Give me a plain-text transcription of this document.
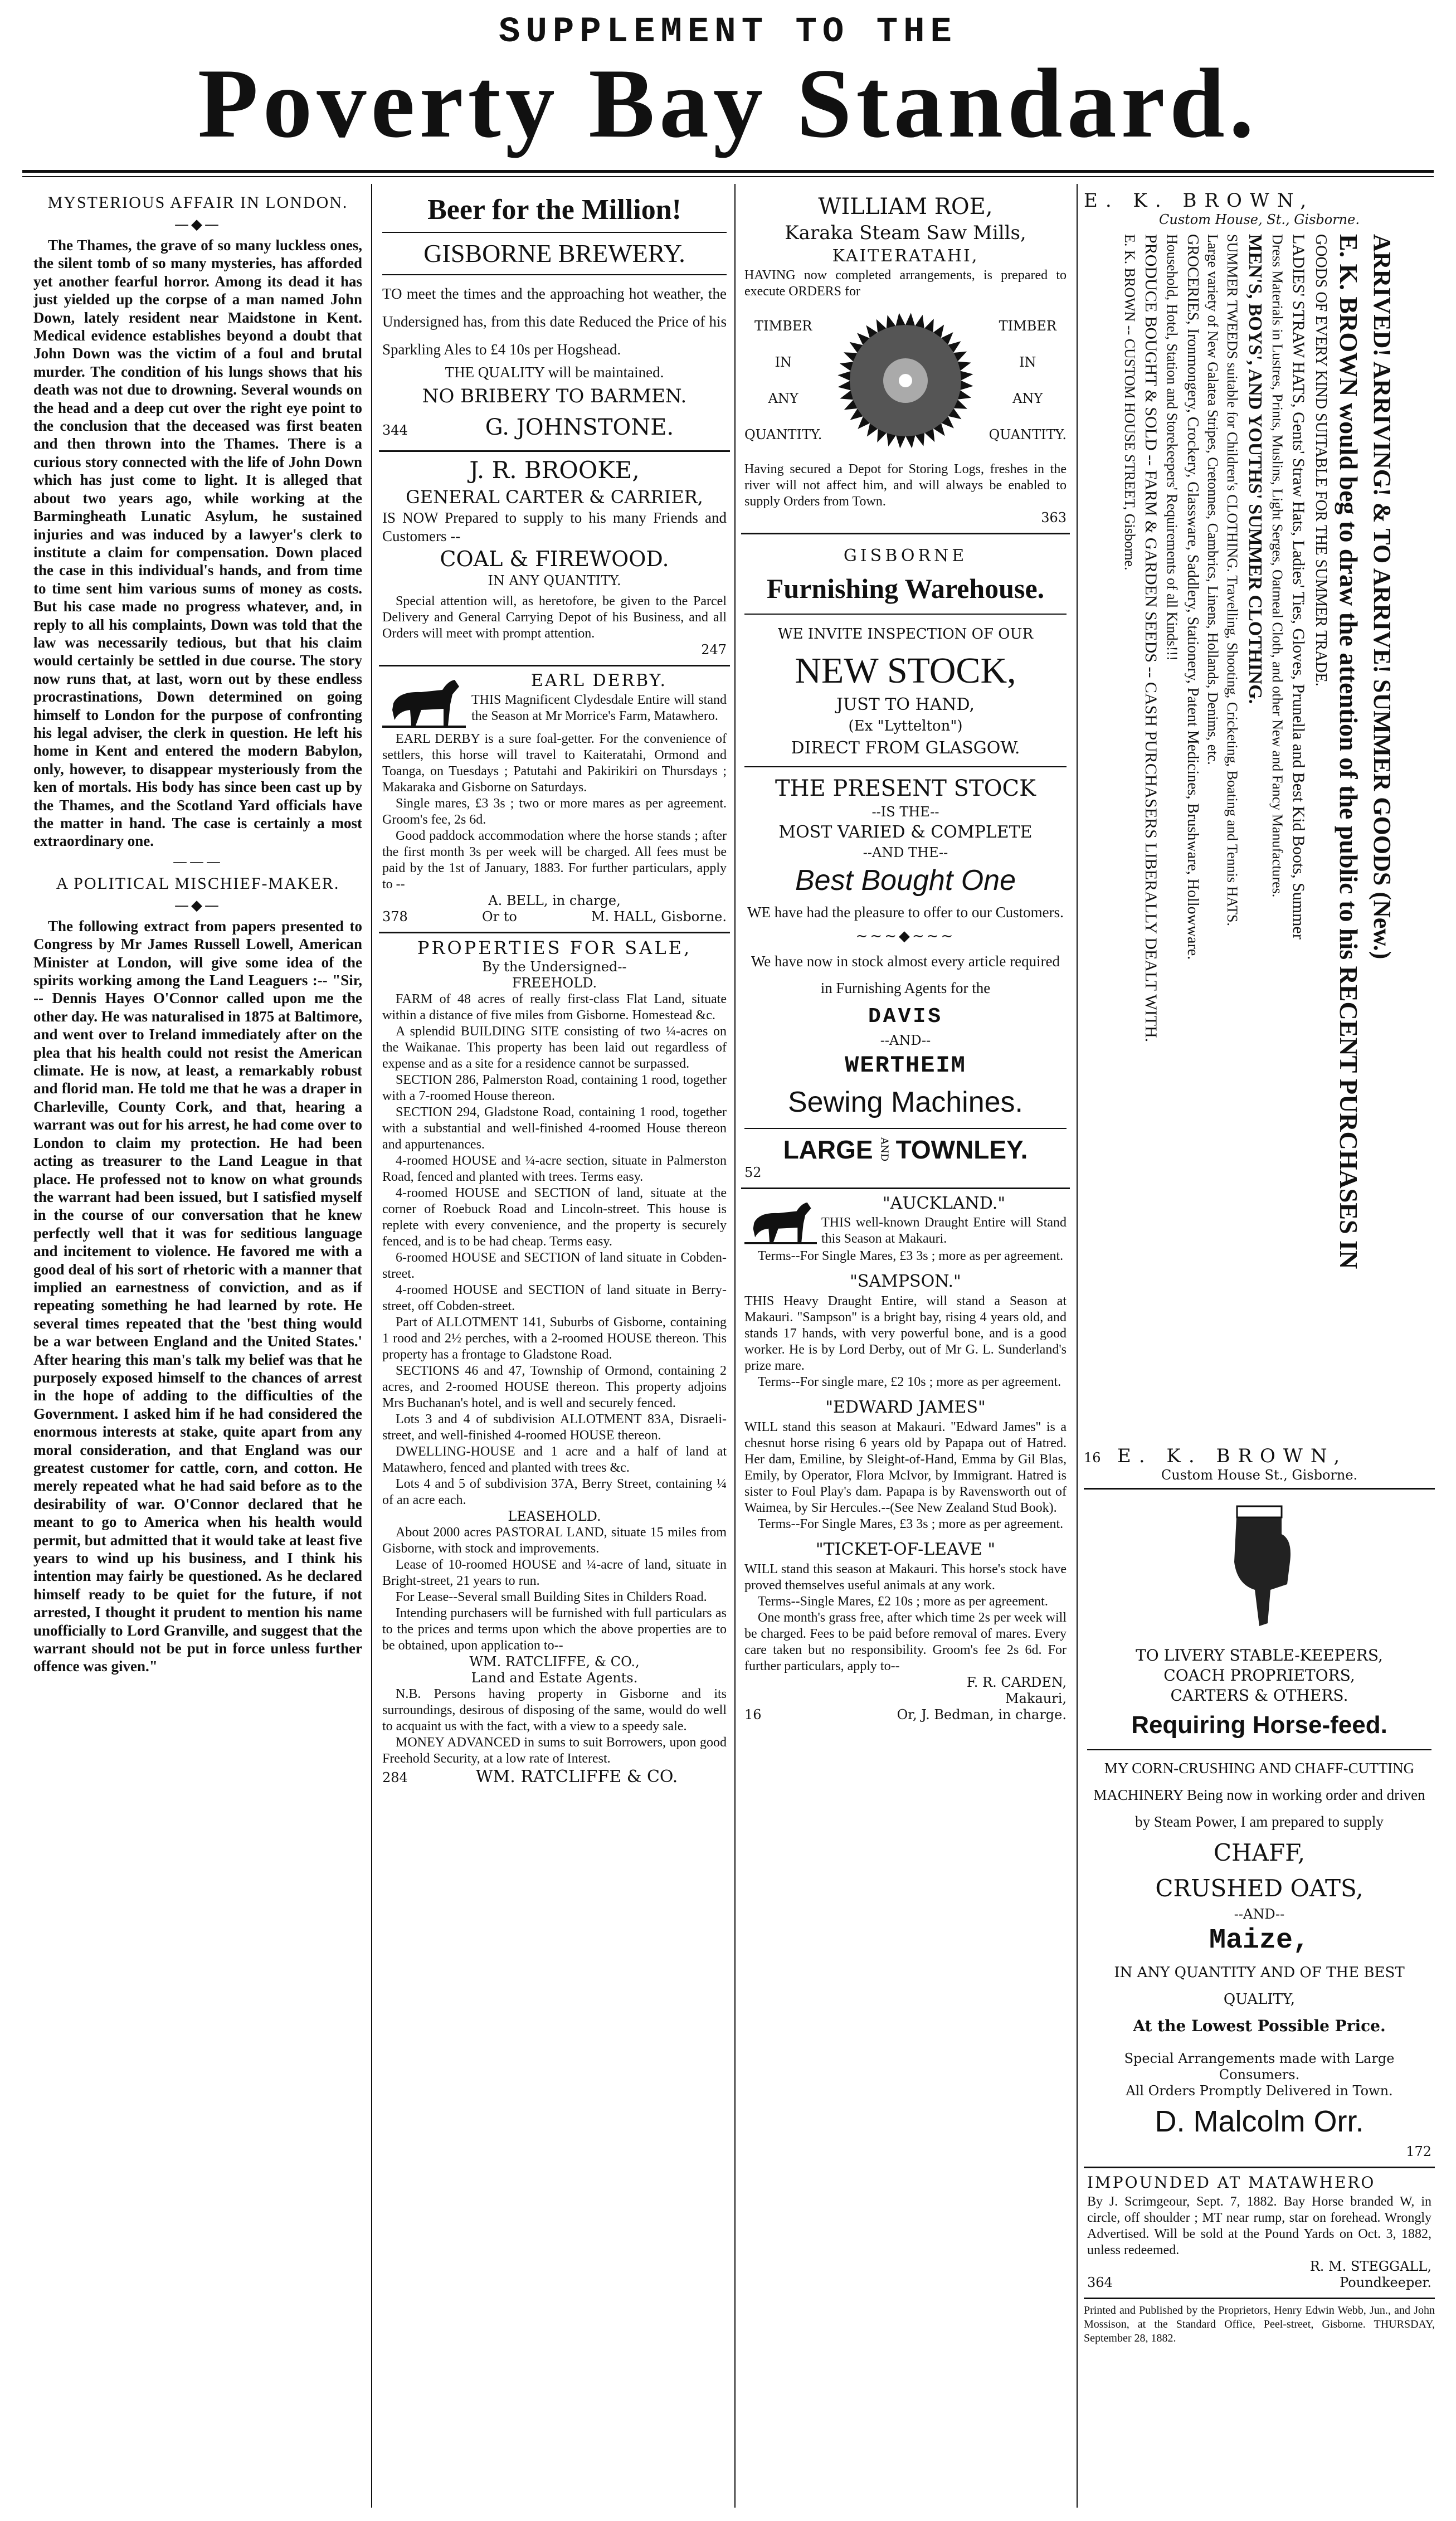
SUPPLEMENT TO THE
Poverty Bay Standard.
MYSTERIOUS AFFAIR IN LONDON.
—◆—

The Thames, the grave of so many luckless ones, the silent tomb of so many mysteries, has afforded yet another fearful horror. Among its dead it has just yielded up the corpse of a man named John Down, lately resident near Maidstone in Kent. Medical evidence establishes beyond a doubt that John Down was the victim of a foul and brutal murder. The condition of his lungs shows that his death was not due to drowning. Several wounds on the head and a deep cut over the right eye point to the conclusion that the deceased was first beaten and then thrown into the Thames. There is a curious story connected with the life of John Down which has just come to light. It is alleged that about two years ago, while working at the Barmingheath Lunatic Asylum, he sustained injuries and was induced by a lawyer's clerk to institute a claim for compensation. Down placed the case in this individual's hands, and from time to time sent him various sums of money as costs. But his case made no progress whatever, and, in reply to all his complaints, Down was told that the law was necessarily tedious, but that his claim would certainly be settled in due course. The story now runs that, at last, worn out by these endless procrastinations, Down determined on going himself to London for the purpose of confronting his legal adviser, the clerk in question. He left his home in Kent and entered the modern Babylon, only, however, to disappear mysteriously from the ken of mortals. His body has since been cast up by the Thames, and the Scotland Yard officials have the matter in hand. The case is certainly a most extraordinary one.

———
A POLITICAL MISCHIEF-MAKER.
—◆—

The following extract from papers presented to Congress by Mr James Russell Lowell, American Minister at London, will give some idea of the spirits working among the Land Leaguers :-- "Sir, -- Dennis Hayes O'Connor called upon me the other day. He was naturalised in 1875 at Baltimore, and went over to Ireland immediately after on the plea that his health could not resist the American climate. He is now, at least, a remarkably robust and florid man. He told me that he was a draper in Charleville, County Cork, and that, hearing a warrant was out for his arrest, he had come over to London to claim my protection. He had been acting as treasurer to the Land League in that place. He professed not to know on what grounds the warrant had been issued, but I satisfied myself in the course of our conversation that he knew perfectly well that it was for seditious language and incitement to violence. He favored me with a good deal of his sort of rhetoric with a manner that implied an earnestness of conviction, and as if repeating something he had learned by rote. He several times repeated that the 'best thing would be a war between England and the United States.' After hearing this man's talk my belief was that he purposely exposed himself to the chances of arrest in the hope of adding to the difficulties of the Government. I asked him if he had considered the enormous interests at stake, quite apart from any moral consideration, and that England was our greatest customer for cattle, corn, and cotton. He merely repeated what he had said before as to the desirability of war. O'Connor declared that he meant to go to America when his health would permit, but admitted that it would take at least five years to wind up his business, and I think his intention may fairly be questioned. As he declared himself ready to be quiet for the future, if not arrested, I thought it prudent to mention his name unofficially to Lord Granville, and suggest that the warrant should not be put in force unless further offence was given."

Beer for the Million!
GISBORNE BREWERY.

TO meet the times and the approaching hot weather, the Undersigned has, from this date Reduced the Price of his Sparkling Ales to £4 10s per Hogshead.

THE QUALITY will be maintained.
NO BRIBERY TO BARMEN.
344	G. JOHNSTONE.
J. R. BROOKE,
GENERAL CARTER & CARRIER,

IS NOW Prepared to supply to his many Friends and Customers --

COAL & FIREWOOD.
IN ANY QUANTITY.

Special attention will, as heretofore, be given to the Parcel Delivery and General Carrying Depot of his Business, and all Orders will meet with prompt attention.

247
EARL DERBY.

THIS Magnificent Clydesdale Entire will stand the Season at Mr Morrice's Farm, Matawhero.

EARL DERBY is a sure foal-getter. For the convenience of settlers, this horse will travel to Kaiteratahi, Ormond and Toanga, on Tuesdays ; Patutahi and Pakirikiri on Thursdays ; Makaraka and Gisborne on Saturdays.

Single mares, £3 3s ; two or more mares as per agreement. Groom's fee, 2s 6d.

Good paddock accommodation where the horse stands ; after the first month 3s per week will be charged. All fees must be paid by the 1st of January, 1883. For further particulars, apply to --

A. BELL, in charge,
378	Or to	M. HALL, Gisborne.
PROPERTIES FOR SALE,
By the Undersigned--
FREEHOLD.

FARM of 48 acres of really first-class Flat Land, situate within a distance of five miles from Gisborne. Homestead &c.

A splendid BUILDING SITE consisting of two ¼-acres on the Waikanae. This property has been laid out regardless of expense and as a site for a residence cannot be surpassed.

SECTION 286, Palmerston Road, containing 1 rood, together with a 7-roomed House thereon.

SECTION 294, Gladstone Road, containing 1 rood, together with a substantial and well-finished 4-roomed House thereon and appurtenances.

4-roomed HOUSE and ¼-acre section, situate in Palmerston Road, fenced and planted with trees. Terms easy.

4-roomed HOUSE and SECTION of land, situate at the corner of Roebuck Road and Lincoln-street. This house is replete with every convenience, and the property is securely fenced, and is to be had cheap. Terms easy.

6-roomed HOUSE and SECTION of land situate in Cobden-street.

4-roomed HOUSE and SECTION of land situate in Berry-street, off Cobden-street.

Part of ALLOTMENT 141, Suburbs of Gisborne, containing 1 rood and 2½ perches, with a 2-roomed HOUSE thereon. This property has a frontage to Gladstone Road.

SECTIONS 46 and 47, Township of Ormond, containing 2 acres, and 2-roomed HOUSE thereon. This property adjoins Mrs Buchanan's hotel, and is well and securely fenced.

Lots 3 and 4 of subdivision ALLOTMENT 83A, Disraeli-street, and well-finished 4-roomed HOUSE thereon.

DWELLING-HOUSE and 1 acre and a half of land at Matawhero, fenced and planted with trees &c.

Lots 4 and 5 of subdivision 37A, Berry Street, containing ¼ of an acre each.

LEASEHOLD.

About 2000 acres PASTORAL LAND, situate 15 miles from Gisborne, with stock and improvements.

Lease of 10-roomed HOUSE and ¼-acre of land, situate in Bright-street, 21 years to run.

For Lease--Several small Building Sites in Childers Road.

Intending purchasers will be furnished with full particulars as to the prices and terms upon which the above properties are to be obtained, upon application to--

WM. RATCLIFFE, & CO.,
Land and Estate Agents.

N.B. Persons having property in Gisborne and its surroundings, desirous of disposing of the same, would do well to acquaint us with the fact, with a view to a speedy sale.

MONEY ADVANCED in sums to suit Borrowers, upon good Freehold Security, at a low rate of Interest.

284	WM. RATCLIFFE & CO.
WILLIAM ROE,
Karaka Steam Saw Mills,
KAITERATAHI,

HAVING now completed arrangements, is prepared to execute ORDERS for

TIMBER
IN
ANY
QUANTITY.
TIMBER
IN
ANY
QUANTITY.

Having secured a Depot for Storing Logs, freshes in the river will not affect him, and will always be enabled to supply Orders from Town.

363
GISBORNE
Furnishing Warehouse.
WE INVITE INSPECTION OF OUR
NEW STOCK,
JUST TO HAND,
(Ex "Lyttelton")
DIRECT FROM GLASGOW.
THE PRESENT STOCK
--IS THE--
MOST VARIED & COMPLETE
--AND THE--
Best Bought One

WE have had the pleasure to offer to our Customers.

~~~◆~~~

We have now in stock almost every article required in Furnishing Agents for the

DAVIS
--AND--
WERTHEIM
Sewing Machines.
LARGE AND TOWNLEY.
52
"AUCKLAND."

THIS well-known Draught Entire will Stand this Season at Makauri.

Terms--For Single Mares, £3 3s ; more as per agreement.

"SAMPSON."

THIS Heavy Draught Entire, will stand a Season at Makauri. "Sampson" is a bright bay, rising 4 years old, and stands 17 hands, with very powerful bone, and is a good worker. He is by Lord Derby, out of Mr G. L. Sunderland's prize mare.

Terms--For single mare, £2 10s ; more as per agreement.

"EDWARD JAMES"

WILL stand this season at Makauri. "Edward James" is a chesnut horse rising 6 years old by Papapa out of Hatred. Her dam, Emiline, by Sleight-of-Hand, Emma by Gil Blas, Emily, by Operator, Flora McIvor, by Immigrant. Hatred is sister to Foul Play's dam. Papapa is by Ravensworth out of Waimea, by Sir Hercules.--(See New Zealand Stud Book).

Terms--For Single Mares, £3 3s ; more as per agreement.

"TICKET-OF-LEAVE "

WILL stand this season at Makauri. This horse's stock have proved themselves useful animals at any work.

Terms--Single Mares, £2 10s ; more as per agreement.

One month's grass free, after which time 2s per week will be charged. Fees to be paid before removal of mares. Every care taken but no responsibility. Groom's fee 2s 6d. For further particulars, apply to--

F. R. CARDEN,
Makauri,
16	Or, J. Bedman, in charge.
E. K. BROWN,
Custom House, St., Gisborne.
ARRIVED! ARRIVING! & TO ARRIVE! SUMMER GOODS (New.)
E. K. BROWN would beg to draw the attention of the public to his RECENT PURCHASES IN
GOODS OF EVERY KIND SUITABLE FOR THE SUMMER TRADE.
LADIES' STRAW HATS, Gents' Straw Hats, Ladies' Ties, Gloves, Prunella and Best Kid Boots, Summer
Dress Materials in Lustres, Prints, Muslins, Light Serges, Oatmeal Cloth, and other New and Fancy Manufactures.
MEN'S, BOYS', AND YOUTHS' SUMMER CLOTHING.
SUMMER TWEEDS suitable for Children's CLOTHING. Travelling, Shooting, Cricketing, Boating and Tennis HATS.
Large variety of New Galatea Stripes, Cretonnes, Cambrics, Linens, Hollands, Denims, etc.
GROCERIES, Ironmongery, Crockery, Glassware, Saddlery, Stationery, Patent Medicines, Brushware, Hollowware.
Household, Hotel, Station and Storekeepers' Requirements of all Kinds!!!
PRODUCE BOUGHT & SOLD -- FARM & GARDEN SEEDS -- CASH PURCHASERS LIBERALLY DEALT WITH.
E. K. BROWN -- CUSTOM HOUSE STREET, Gisborne.
16 E. K. BROWN,
Custom House St., Gisborne.
TO LIVERY STABLE-KEEPERS,
COACH PROPRIETORS,
CARTERS & OTHERS.
Requiring Horse-feed.

MY CORN-CRUSHING AND CHAFF-CUTTING MACHINERY Being now in working order and driven by Steam Power, I am prepared to supply

CHAFF,
CRUSHED OATS,
--AND--
Maize,
IN ANY QUANTITY AND OF THE BEST QUALITY,
At the Lowest Possible Price.
Special Arrangements made with Large Consumers.
All Orders Promptly Delivered in Town.
D. Malcolm Orr.
172
IMPOUNDED AT MATAWHERO

By J. Scrimgeour, Sept. 7, 1882. Bay Horse branded W, in circle, off shoulder ; MT near rump, star on forehead. Wrongly Advertised. Will be sold at the Pound Yards on Oct. 3, 1882, unless redeemed.

R. M. STEGGALL,
364	Poundkeeper.

Printed and Published by the Proprietors, Henry Edwin Webb, Jun., and John Mossison, at the Standard Office, Peel-street, Gisborne. THURSDAY, September 28, 1882.
